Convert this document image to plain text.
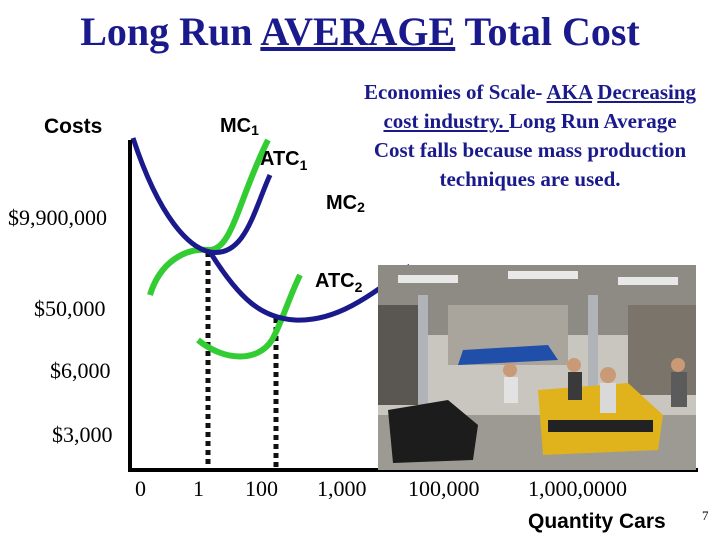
Long Run AVERAGE Total Cost
Economies of Scale- AKA Decreasing cost industry. Long Run Average Cost falls because mass production techniques are used.
MC1
$ATC_1$
MC2
$ATC_2$
Costs
$9,900,000
$50,000
$6,000
$3,000
0 1 100 1,000 100,000 1,000,0000
Quantity Cars	7
